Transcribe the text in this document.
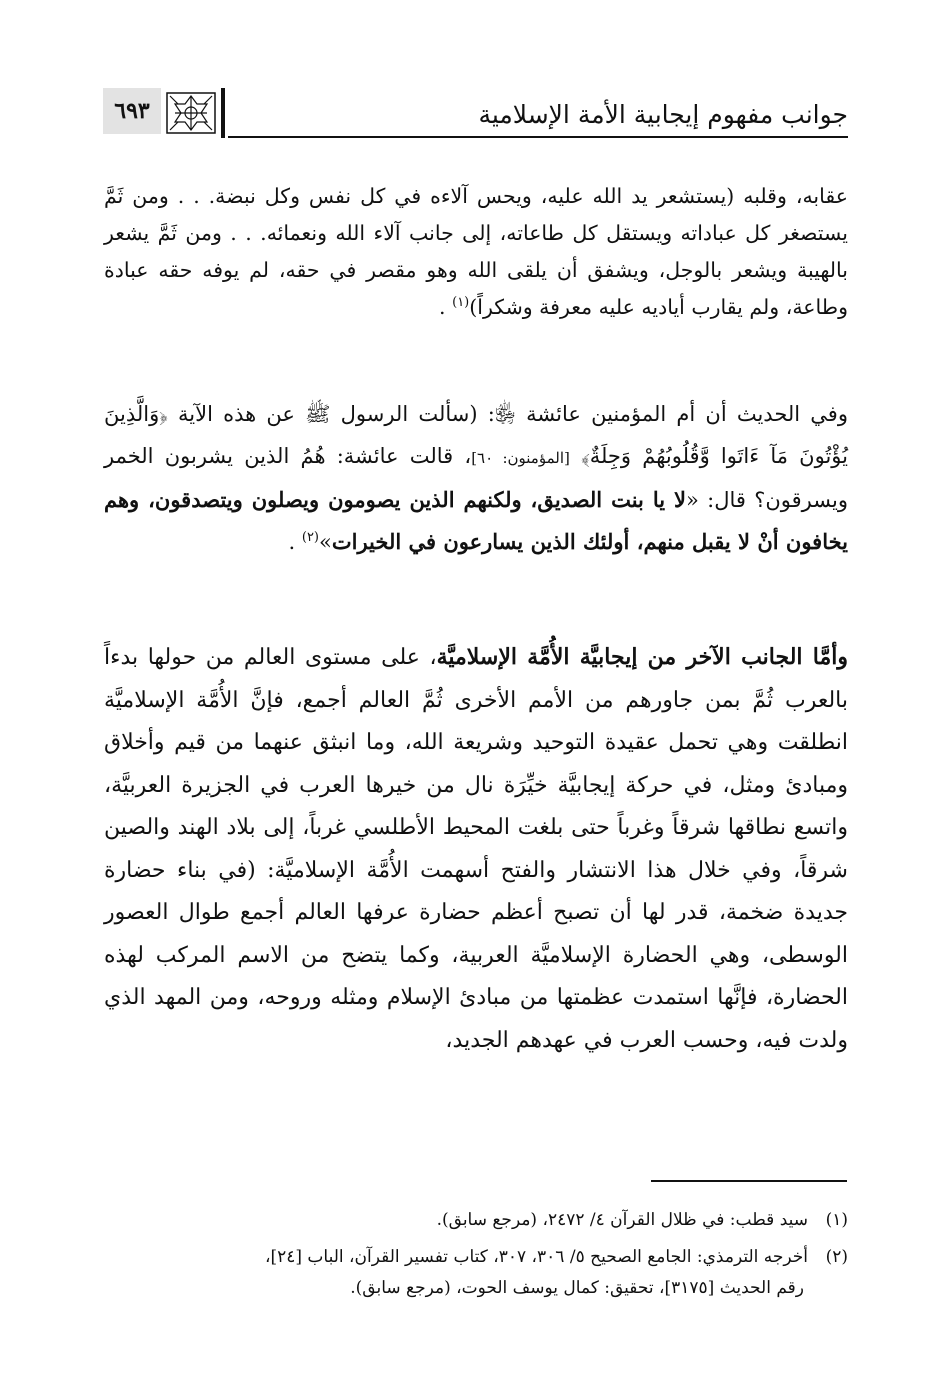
جوانب مفهوم إيجابية الأمة الإسلامية
٦٩٣

عقابه، وقلبه (يستشعر يد الله عليه، ويحس آلاءه في كل نفس وكل نبضة. . . ومن ثَمَّ يستصغر كل عباداته ويستقل كل طاعاته، إلى جانب آلاء الله ونعمائه. . . ومن ثَمَّ يشعر بالهيبة ويشعر بالوجل، ويشفق أن يلقى الله وهو مقصر في حقه، لم يوفه حقه عبادة وطاعة، ولم يقارب أياديه عليه معرفة وشكراً)$^{(١)}$ .

وفي الحديث أن أم المؤمنين عائشة ﵂: (سألت الرسول ﷺ عن هذه الآية ﴿وَالَّذِينَ يُؤْتُونَ مَآ ءَاتَوا وَّقُلُوبُهُمْ وَجِلَةٌ﴾ [المؤمنون: ٦٠]، قالت عائشة: هُمُ الذين يشربون الخمر ويسرقون؟ قال: «لا يا بنت الصديق، ولكنهم الذين يصومون ويصلون ويتصدقون، وهم يخافون أنْ لا يقبل منهم، أولئك الذين يسارعون في الخيرات»$^{(٢)}$ .

وأمَّا الجانب الآخر من إيجابيَّة الأُمَّة الإسلاميَّة، على مستوى العالم من حولها بدءاً بالعرب ثُمَّ بمن جاورهم من الأمم الأخرى ثُمَّ العالم أجمع، فإنَّ الأُمَّة الإسلاميَّة انطلقت وهي تحمل عقيدة التوحيد وشريعة الله، وما انبثق عنهما من قيم وأخلاق ومبادئ ومثل، في حركة إيجابيَّة خيِّرَة نال من خيرها العرب في الجزيرة العربيَّة، واتسع نطاقها شرقاً وغرباً حتى بلغت المحيط الأطلسي غرباً، إلى بلاد الهند والصين شرقاً، وفي خلال هذا الانتشار والفتح أسهمت الأُمَّة الإسلاميَّة: (في بناء حضارة جديدة ضخمة، قدر لها أن تصبح أعظم حضارة عرفها العالم أجمع طوال العصور الوسطى، وهي الحضارة الإسلاميَّة العربية، وكما يتضح من الاسم المركب لهذه الحضارة، فإنَّها استمدت عظمتها من مبادئ الإسلام ومثله وروحه، ومن المهد الذي ولدت فيه، وحسب العرب في عهدهم الجديد،

(١)سيد قطب: في ظلال القرآن ٤/ ٢٤٧٢، (مرجع سابق).
(٢)أخرجه الترمذي: الجامع الصحيح ٥/ ٣٠٦، ٣٠٧، كتاب تفسير القرآن، الباب [٢٤]،
رقم الحديث [٣١٧٥]، تحقيق: كمال يوسف الحوت، (مرجع سابق).
